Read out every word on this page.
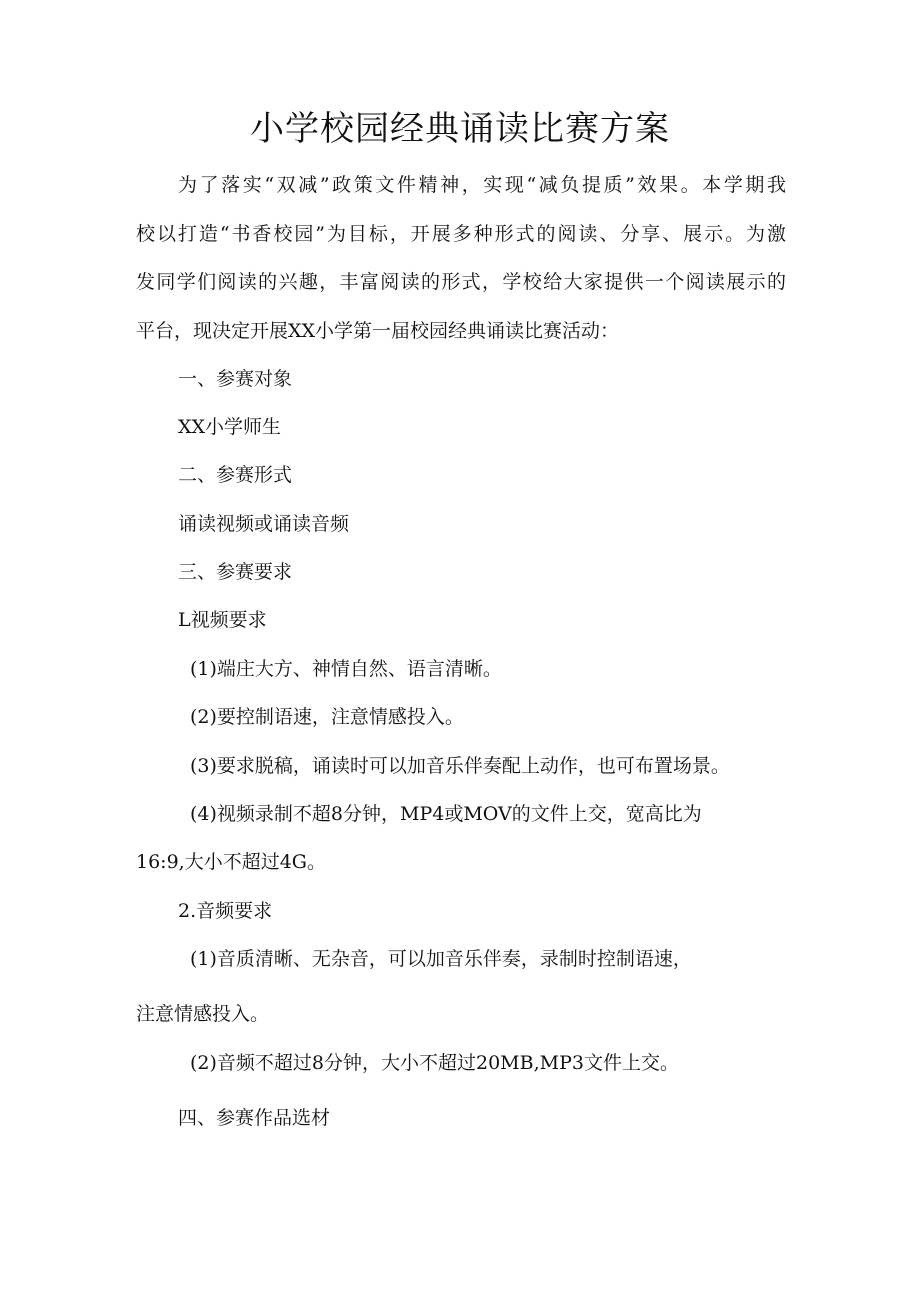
小学校园经典诵读比赛方案

为了落实“双减”政策文件精神，实现“减负提质”效果。本学期我

校以打造“书香校园”为目标，开展多种形式的阅读、分享、展示。为激

发同学们阅读的兴趣，丰富阅读的形式，学校给大家提供一个阅读展示的

平台，现决定开展XX小学第一届校园经典诵读比赛活动：

一、参赛对象

XX小学师生

二、参赛形式

诵读视频或诵读音频

三、参赛要求

L视频要求

(1)端庄大方、神情自然、语言清晰。

(2)要控制语速，注意情感投入。

(3)要求脱稿，诵读时可以加音乐伴奏配上动作，也可布置场景。

(4)视频录制不超8分钟，MP4或MOV的文件上交，宽高比为

16:9,大小不超过4G。

2.音频要求

(1)音质清晰、无杂音，可以加音乐伴奏，录制时控制语速，

注意情感投入。

(2)音频不超过8分钟，大小不超过20MB,MP3文件上交。

四、参赛作品选材
